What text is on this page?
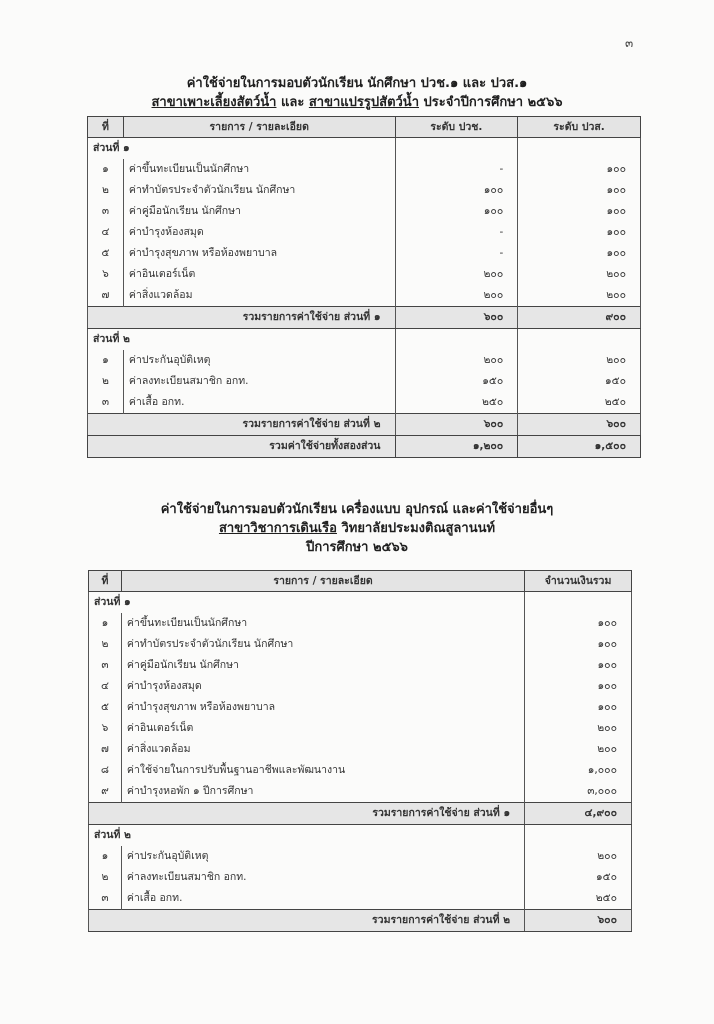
๓
ค่าใช้จ่ายในการมอบตัวนักเรียน นักศึกษา ปวช.๑ และ ปวส.๑
สาขาเพาะเลี้ยงสัตว์น้ำ และ สาขาแปรรูปสัตว์น้ำ ประจำปีการศึกษา ๒๕๖๖
ที่	รายการ / รายละเอียด	ระดับ ปวช.	ระดับ ปวส.
ส่วนที่ ๑			
๑	ค่าขึ้นทะเบียนเป็นนักศึกษา	-	๑๐๐
๒	ค่าทำบัตรประจำตัวนักเรียน นักศึกษา	๑๐๐	๑๐๐
๓	ค่าคู่มือนักเรียน นักศึกษา	๑๐๐	๑๐๐
๔	ค่าบำรุงห้องสมุด	-	๑๐๐
๕	ค่าบำรุงสุขภาพ หรือห้องพยาบาล	-	๑๐๐
๖	ค่าอินเตอร์เน็ต	๒๐๐	๒๐๐
๗	ค่าสิ่งแวดล้อม	๒๐๐	๒๐๐
รวมรายการค่าใช้จ่าย ส่วนที่ ๑		๖๐๐	๙๐๐
ส่วนที่ ๒			
๑	ค่าประกันอุบัติเหตุ	๒๐๐	๒๐๐
๒	ค่าลงทะเบียนสมาชิก อกท.	๑๕๐	๑๕๐
๓	ค่าเสื้อ อกท.	๒๕๐	๒๕๐
รวมรายการค่าใช้จ่าย ส่วนที่ ๒		๖๐๐	๖๐๐
รวมค่าใช้จ่ายทั้งสองส่วน		๑,๒๐๐	๑,๕๐๐
ค่าใช้จ่ายในการมอบตัวนักเรียน เครื่องแบบ อุปกรณ์ และค่าใช้จ่ายอื่นๆ
สาขาวิชาการเดินเรือ วิทยาลัยประมงติณสูลานนท์
ปีการศึกษา ๒๕๖๖
ที่	รายการ / รายละเอียด	จำนวนเงินรวม
ส่วนที่ ๑		
๑	ค่าขึ้นทะเบียนเป็นนักศึกษา	๑๐๐
๒	ค่าทำบัตรประจำตัวนักเรียน นักศึกษา	๑๐๐
๓	ค่าคู่มือนักเรียน นักศึกษา	๑๐๐
๔	ค่าบำรุงห้องสมุด	๑๐๐
๕	ค่าบำรุงสุขภาพ หรือห้องพยาบาล	๑๐๐
๖	ค่าอินเตอร์เน็ต	๒๐๐
๗	ค่าสิ่งแวดล้อม	๒๐๐
๘	ค่าใช้จ่ายในการปรับพื้นฐานอาชีพและพัฒนางาน	๑,๐๐๐
๙	ค่าบำรุงหอพัก ๑ ปีการศึกษา	๓,๐๐๐
รวมรายการค่าใช้จ่าย ส่วนที่ ๑		๔,๙๐๐
ส่วนที่ ๒		
๑	ค่าประกันอุบัติเหตุ	๒๐๐
๒	ค่าลงทะเบียนสมาชิก อกท.	๑๕๐
๓	ค่าเสื้อ อกท.	๒๕๐
รวมรายการค่าใช้จ่าย ส่วนที่ ๒		๖๐๐
